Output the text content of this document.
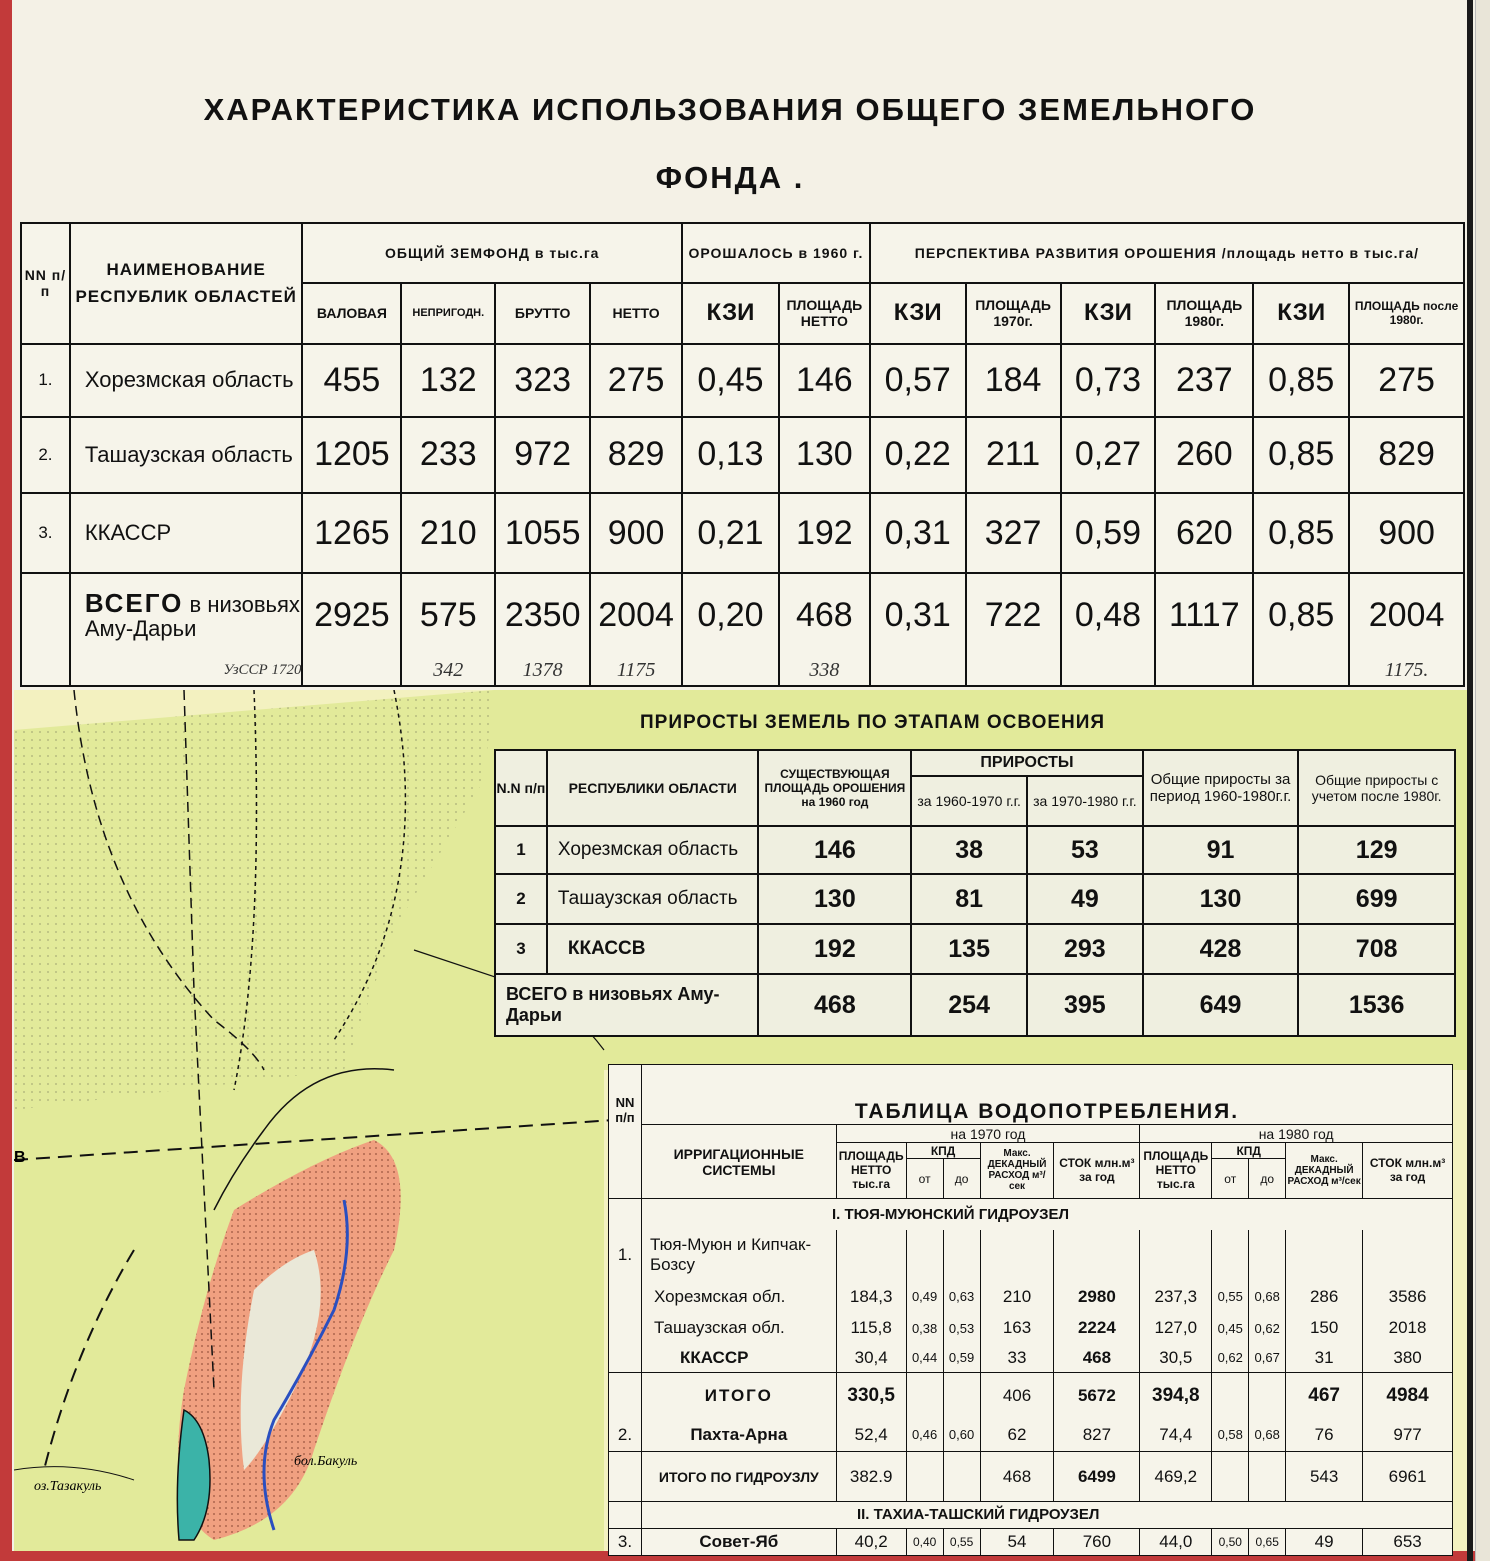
оз.Тазакуль
бол.Бакуль
В
ХАРАКТЕРИСТИКА ИСПОЛЬЗОВАНИЯ ОБЩЕГО ЗЕМЕЛЬНОГО
ФОНДА .
NN п/п	НАИМЕНОВАНИЕ РЕСПУБЛИК ОБЛАСТЕЙ	ОБЩИЙ ЗЕМФОНД в тыс.га				ОРОШАЛОСЬ в 1960 г.		ПЕРСПЕКТИВА РАЗВИТИЯ ОРОШЕНИЯ /площадь нетто в тыс.га/					
		ВАЛОВАЯ	НЕПРИГОДН.	БРУТТО	НЕТТО	КЗИ	ПЛОЩАДЬ НЕТТО	КЗИ	ПЛОЩАДЬ 1970г.	КЗИ	ПЛОЩАДЬ 1980г.	КЗИ	ПЛОЩАДЬ после 1980г.
1.	Хорезмская область	455	132	323	275	0,45	146	0,57	184	0,73	237	0,85	275
2.	Ташаузская область	1205	233	972	829	0,13	130	0,22	211	0,27	260	0,85	829
3.	ККАССР	1265	210	1055	900	0,21	192	0,31	327	0,59	620	0,85	900
	ВСЕГО в низовьях Аму-Дарьи	2925	575	2350	2004	0,20	468	0,31	722	0,48	1117	0,85	2004
	УзССР 1720		342	1378	1175		338						1175.
ПРИРОСТЫ ЗЕМЕЛЬ ПО ЭТАПАМ ОСВОЕНИЯ
N.N п/п	РЕСПУБЛИКИ ОБЛАСТИ	СУЩЕСТВУЮЩАЯ ПЛОЩАДЬ ОРОШЕНИЯ на 1960 год	ПРИРОСТЫ		Общие приросты за период 1960-1980г.г.	Общие приросты с учетом после 1980г.
			за 1960-1970 г.г.	за 1970-1980 г.г.		
1	Хорезмская область	146	38	53	91	129
2	Ташаузская область	130	81	49	130	699
3	ККАССВ	192	135	293	428	708
ВСЕГО в низовьях Аму-Дарьи		468	254	395	649	1536
NN п/п	ТАБЛИЦА ВОДОПОТРЕБЛЕНИЯ.										
	ИРРИГАЦИОННЫЕ СИСТЕМЫ	на 1970 год					на 1980 год				
		ПЛОЩАДЬ НЕТТО тыс.га	КПД		Макс. ДЕКАДНЫЙ РАСХОД м³/сек	СТОК млн.м³ за год	ПЛОЩАДЬ НЕТТО тыс.га	КПД		Макс. ДЕКАДНЫЙ РАСХОД м³/сек	СТОК млн.м³ за год
			от	до				от	до		
	I. ТЮЯ-МУЮНСКИЙ ГИДРОУЗЕЛ										
1.	Тюя-Муюн и Кипчак-Бозсу										
	Хорезмская обл.	184,3	0,49	0,63	210	2980	237,3	0,55	0,68	286	3586
	Ташаузская обл.	115,8	0,38	0,53	163	2224	127,0	0,45	0,62	150	2018
	ККАССР	30,4	0,44	0,59	33	468	30,5	0,62	0,67	31	380
	ИТОГО	330,5			406	5672	394,8			467	4984
2.	Пахта-Арна	52,4	0,46	0,60	62	827	74,4	0,58	0,68	76	977
	ИТОГО ПО ГИДРОУЗЛУ	382.9			468	6499	469,2			543	6961
	II. ТАХИА-ТАШСКИЙ ГИДРОУЗЕЛ										
3.	Совет-Яб	40,2	0,40	0,55	54	760	44,0	0,50	0,65	49	653
